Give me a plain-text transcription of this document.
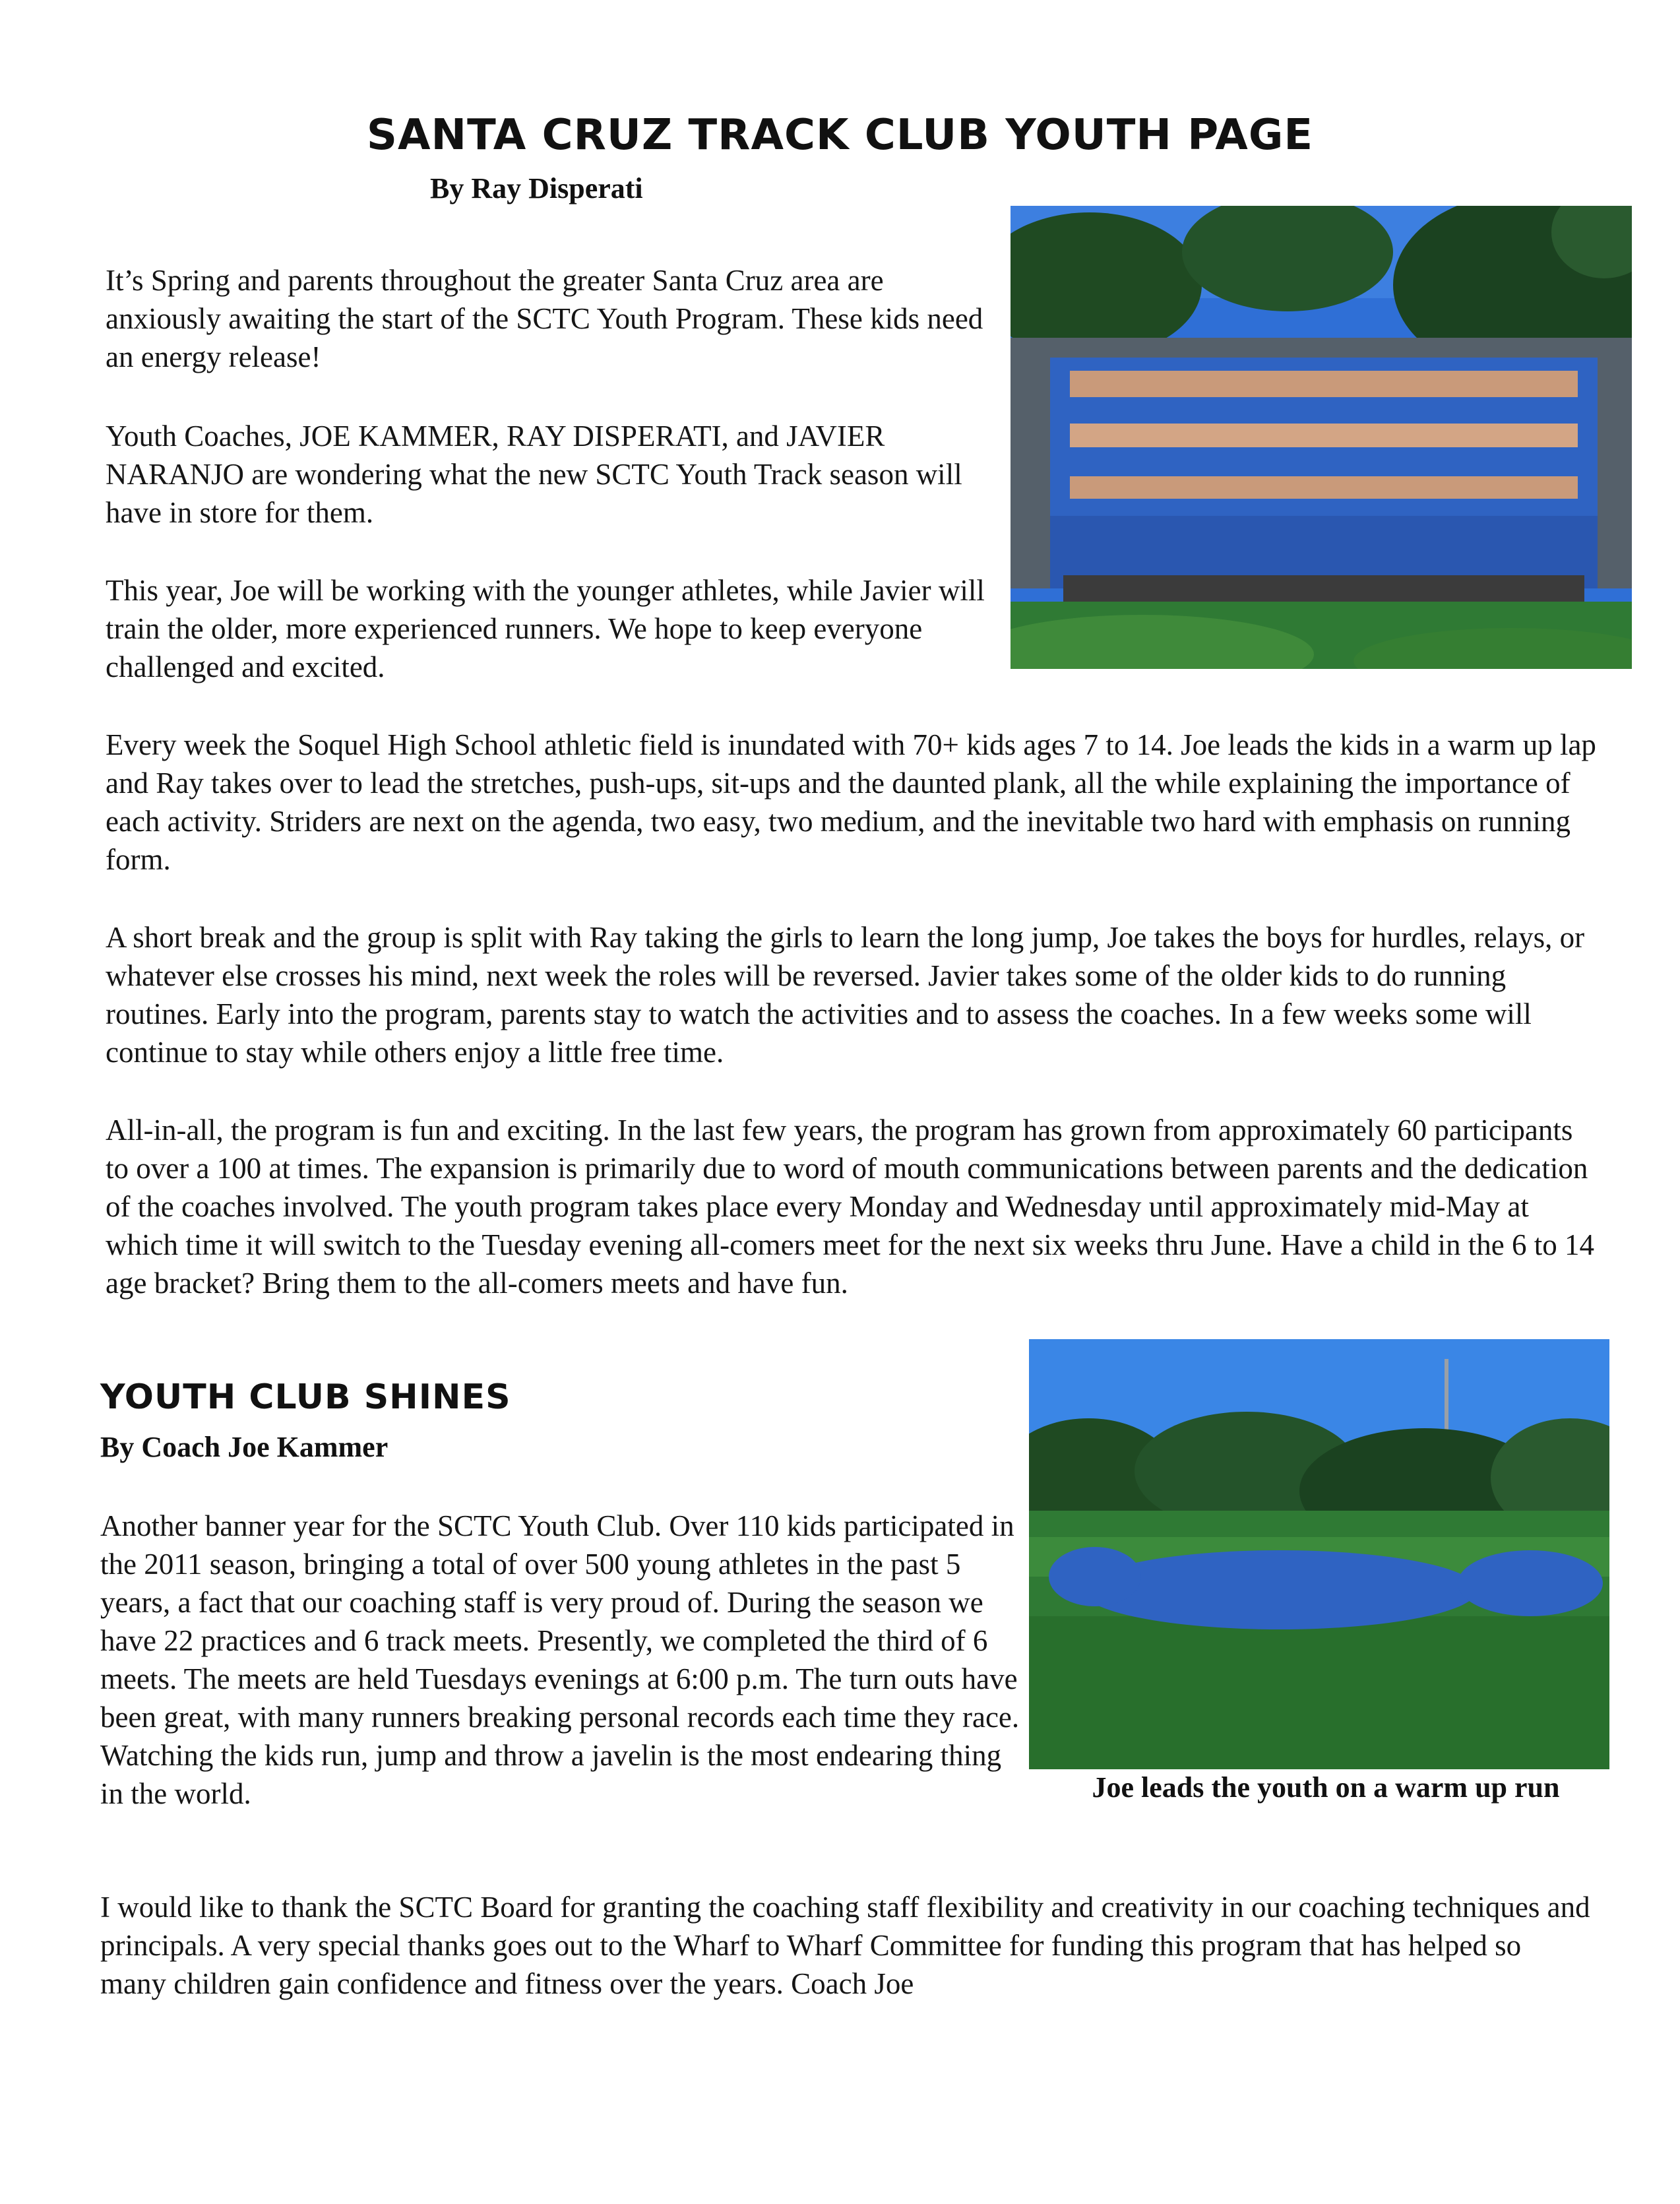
SANTA CRUZ TRACK CLUB YOUTH PAGE

By Ray Disperati

It’s Spring and parents throughout the greater Santa Cruz area are anxiously awaiting the start of the SCTC Youth Program. These kids need an energy release!

Youth Coaches, JOE KAMMER, RAY DISPERATI, and JAVIER NARANJO are wondering what the new SCTC Youth Track season will have in store for them.

This year, Joe will be working with the younger athletes, while Javier will train the older, more experienced runners. We hope to keep everyone challenged and excited.

Every week the Soquel High School athletic field is inundated with 70+ kids ages 7 to 14. Joe leads the kids in a warm up lap and Ray takes over to lead the stretches, push-ups, sit-ups and the daunted plank, all the while explaining the importance of each activity. Striders are next on the agenda, two easy, two medium, and the inevitable two hard with emphasis on running form.

A short break and the group is split with Ray taking the girls to learn the long jump, Joe takes the boys for hurdles, relays, or whatever else crosses his mind, next week the roles will be reversed. Javier takes some of the older kids to do running routines. Early into the program, parents stay to watch the activities and to assess the coaches. In a few weeks some will continue to stay while others enjoy a little free time.

All-in-all, the program is fun and exciting. In the last few years, the program has grown from approximately 60 participants to over a 100 at times. The expansion is primarily due to word of mouth communications between parents and the dedication of the coaches involved. The youth program takes place every Monday and Wednesday until approximately mid-May at which time it will switch to the Tuesday evening all-comers meet for the next six weeks thru June. Have a child in the 6 to 14 age bracket? Bring them to the all-comers meets and have fun.

YOUTH CLUB SHINES

By Coach Joe Kammer

Another banner year for the SCTC Youth Club. Over 110 kids participated in the 2011 season, bringing a total of over 500 young athletes in the past 5 years, a fact that our coaching staff is very proud of. During the season we have 22 practices and 6 track meets. Presently, we completed the third of 6 meets. The meets are held Tuesdays evenings at 6:00 p.m. The turn outs have been great, with many runners breaking personal records each time they race. Watching the kids run, jump and throw a javelin is the most endearing thing in the world.	Joe leads the youth on a warm up run

I would like to thank the SCTC Board for granting the coaching staff flexibility and creativity in our coaching techniques and principals. A very special thanks goes out to the Wharf to Wharf Committee for funding this program that has helped so many children gain confidence and fitness over the years. Coach Joe
